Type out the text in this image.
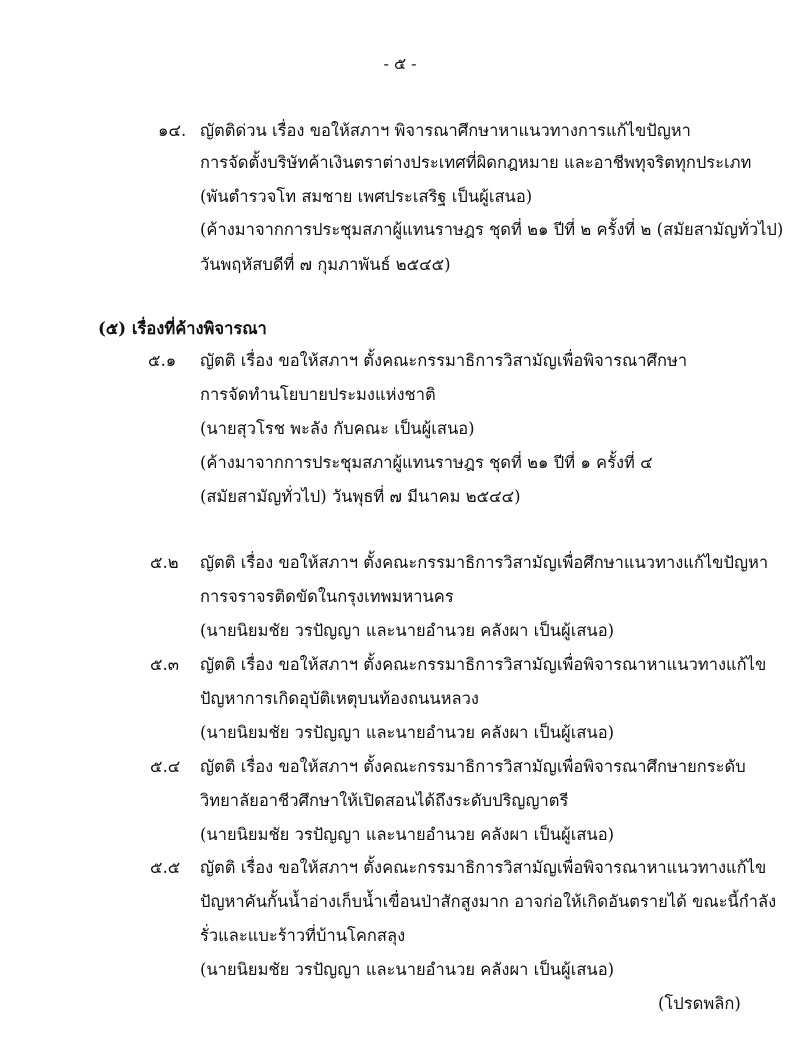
- ๕ -
๑๔. ญัตติด่วน เรื่อง ขอให้สภาฯ พิจารณาศึกษาหาแนวทางการแก้ไขปัญหา
การจัดตั้งบริษัทค้าเงินตราต่างประเทศที่ผิดกฎหมาย และอาชีพทุจริตทุกประเภท
(พันตำรวจโท สมชาย เพศประเสริฐ เป็นผู้เสนอ)
(ค้างมาจากการประชุมสภาผู้แทนราษฎร ชุดที่ ๒๑ ปีที่ ๒ ครั้งที่ ๒ (สมัยสามัญทั่วไป)
วันพฤหัสบดีที่ ๗ กุมภาพันธ์ ๒๕๔๕)
(๕) เรื่องที่ค้างพิจารณา
๕.๑ ญัตติ เรื่อง ขอให้สภาฯ ตั้งคณะกรรมาธิการวิสามัญเพื่อพิจารณาศึกษา
การจัดทำนโยบายประมงแห่งชาติ
(นายสุวโรช พะลัง กับคณะ เป็นผู้เสนอ)
(ค้างมาจากการประชุมสภาผู้แทนราษฎร ชุดที่ ๒๑ ปีที่ ๑ ครั้งที่ ๔
(สมัยสามัญทั่วไป) วันพุธที่ ๗ มีนาคม ๒๕๔๔)
๕.๒ ญัตติ เรื่อง ขอให้สภาฯ ตั้งคณะกรรมาธิการวิสามัญเพื่อศึกษาแนวทางแก้ไขปัญหา
การจราจรติดขัดในกรุงเทพมหานคร
(นายนิยมชัย วรปัญญา และนายอำนวย คลังผา เป็นผู้เสนอ)
๕.๓ ญัตติ เรื่อง ขอให้สภาฯ ตั้งคณะกรรมาธิการวิสามัญเพื่อพิจารณาหาแนวทางแก้ไข
ปัญหาการเกิดอุบัติเหตุบนท้องถนนหลวง
(นายนิยมชัย วรปัญญา และนายอำนวย คลังผา เป็นผู้เสนอ)
๕.๔ ญัตติ เรื่อง ขอให้สภาฯ ตั้งคณะกรรมาธิการวิสามัญเพื่อพิจารณาศึกษายกระดับ
วิทยาลัยอาชีวศึกษาให้เปิดสอนได้ถึงระดับปริญญาตรี
(นายนิยมชัย วรปัญญา และนายอำนวย คลังผา เป็นผู้เสนอ)
๕.๕ ญัตติ เรื่อง ขอให้สภาฯ ตั้งคณะกรรมาธิการวิสามัญเพื่อพิจารณาหาแนวทางแก้ไข
ปัญหาคันกั้นน้ำอ่างเก็บน้ำเขื่อนป่าสักสูงมาก อาจก่อให้เกิดอันตรายได้ ขณะนี้กำลัง
รั่วและแบะร้าวที่บ้านโคกสลุง
(นายนิยมชัย วรปัญญา และนายอำนวย คลังผา เป็นผู้เสนอ)
(โปรดพลิก)
